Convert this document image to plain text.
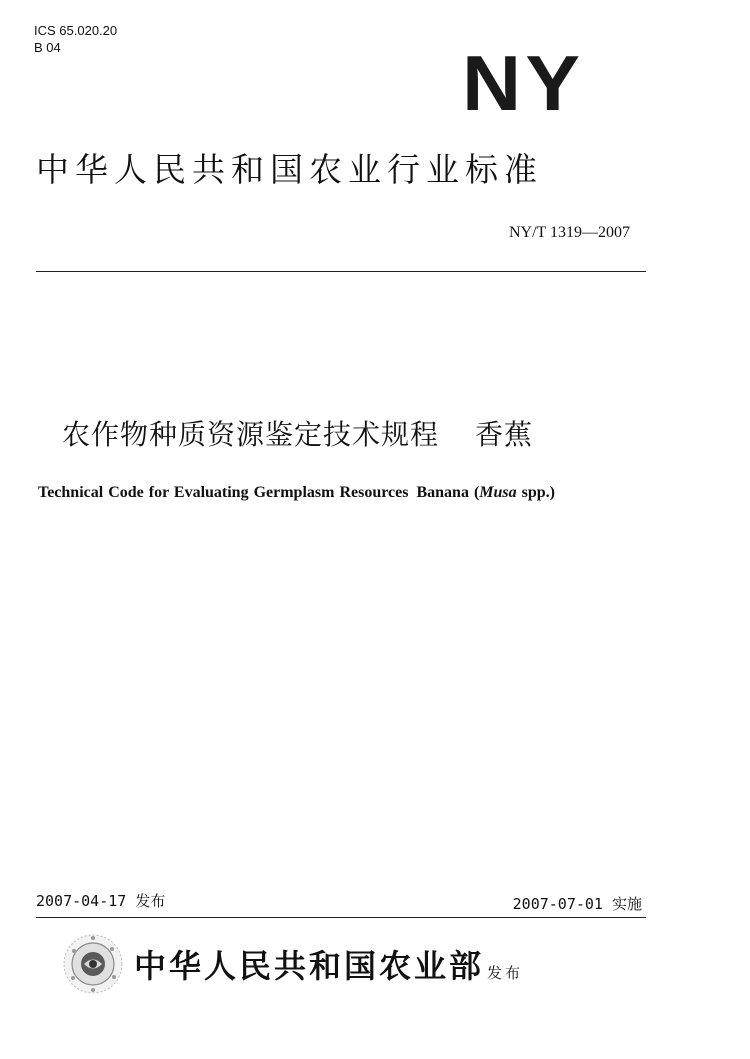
ICS 65.020.20
B 04	NY
中华人民共和国农业行业标准
NY/T 1319—2007
农作物种质资源鉴定技术规程 香蕉
Technical Code for Evaluating Germplasm Resources Banana (Musa spp.)
2007-04-17 发布	2007-07-01 实施
中华人民共和国农业部 发布
